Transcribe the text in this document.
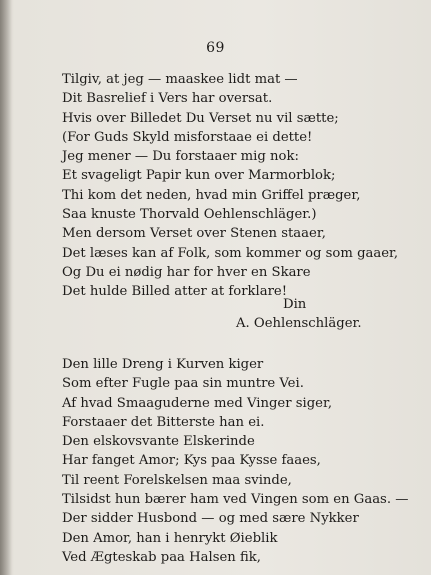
69
Tilgiv, at jeg — maaskee lidt mat —
Dit Basrelief i Vers har oversat.
Hvis over Billedet Du Verset nu vil sætte;
(For Guds Skyld misforstaae ei dette!
Jeg mener — Du forstaaer mig nok:
Et svageligt Papir kun over Marmorblok;
Thi kom det neden, hvad min Griffel præger,
Saa knuste Thorvald Oehlenschläger.)
Men dersom Verset over Stenen staaer,
Det læses kan af Folk, som kommer og som gaaer,
Og Du ei nødig har for hver en Skare
Det hulde Billed atter at forklare!
Din
A. Oehlenschläger.
Den lille Dreng i Kurven kiger
Som efter Fugle paa sin muntre Vei.
Af hvad Smaaguderne med Vinger siger,
Forstaaer det Bitterste han ei.
Den elskovsvante Elskerinde
Har fanget Amor; Kys paa Kysse faaes,
Til reent Forelskelsen maa svinde,
Tilsidst hun bærer ham ved Vingen som en Gaas. —
Der sidder Husbond — og med sære Nykker
Den Amor, han i henrykt Øieblik
Ved Ægteskab paa Halsen fik,
